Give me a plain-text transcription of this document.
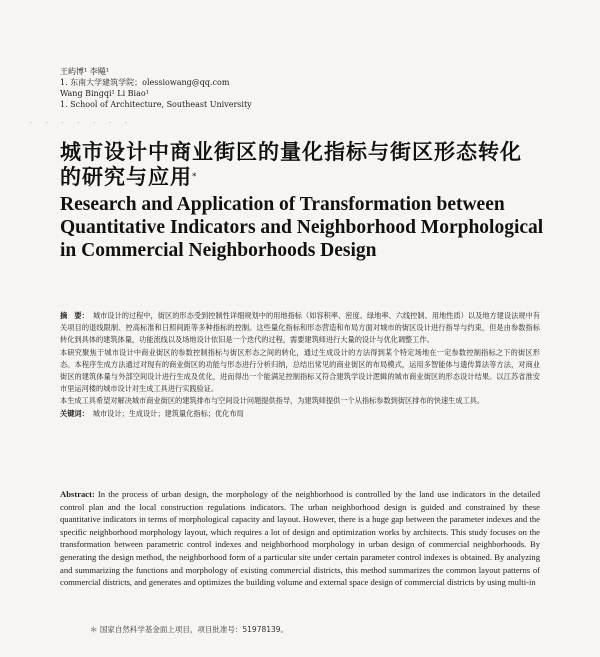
王屿博¹ 李飚¹
1. 东南大学建筑学院；olessiowang@qq.com
Wang Bingqi¹ Li Biao¹
1. School of Architecture, Southeast University
· · · · · · ·
城市设计中商业街区的量化指标与街区形态转化的研究与应用*
Research and Application of Transformation between Quantitative Indicators and Neighborhood Morphological in Commercial Neighborhoods Design

摘　要： 城市设计的过程中，街区的形态受到控制性详细规划中的用地指标（如容积率、密度、绿地率、六线控制、用地性质）以及地方建设法规中有关项目的退线限制、控高标准和日照间距等多种指标的控制。这些量化指标和形态营造和布局方面对城市的街区设计进行指导与约束，但是由参数指标转化到具体的建筑体量，功能流线以及场地设计依旧是一个迭代的过程，需要建筑师进行大量的设计与优化调整工作。

本研究聚焦于城市设计中商业街区的参数控制指标与街区形态之间的转化，通过生成设计的方法得到某个特定场地在一定参数控制指标之下的街区形态。本程序生成方法通过对现有的商业街区的功能与形态进行分析归纳，总结出常见的商业街区的布局模式，运用多智能体与遗传算法等方法，对商业街区的建筑体量与外部空间设计进行生成及优化，进而得出一个能满足控制指标又符合建筑学设计逻辑的城市商业街区的形态设计结果。以江苏省淮安市里运河楼的城市设计对生成工具进行实践验证。

本生成工具希望对解决城市商业街区的建筑排布与空间设计问题提供指导，为建筑师提供一个从指标参数到街区排布的快速生成工具。

关键词： 城市设计；生成设计；建筑量化指标；优化布局

Abstract: In the process of urban design, the morphology of the neighborhood is controlled by the land use indicators in the detailed control plan and the local construction regulations indicators. The urban neighborhood design is guided and constrained by these quantitative indicators in terms of morphological capacity and layout. However, there is a huge gap between the parameter indexes and the specific neighborhood morphology layout, which requires a lot of design and optimization works by architects. This study focuses on the transformation between parametric control indexes and neighborhood morphology in urban design of commercial neighborhoods. By generating the design method, the neighborhood form of a particular site under certain parameter control indexes is obtained. By analyzing and summarizing the functions and morphology of existing commercial districts, this method summarizes the common layout patterns of commercial districts, and generates and optimizes the building volume and external space design of commercial districts by using multi-in
＊ 国家自然科学基金面上项目，项目批准号：51978139。
